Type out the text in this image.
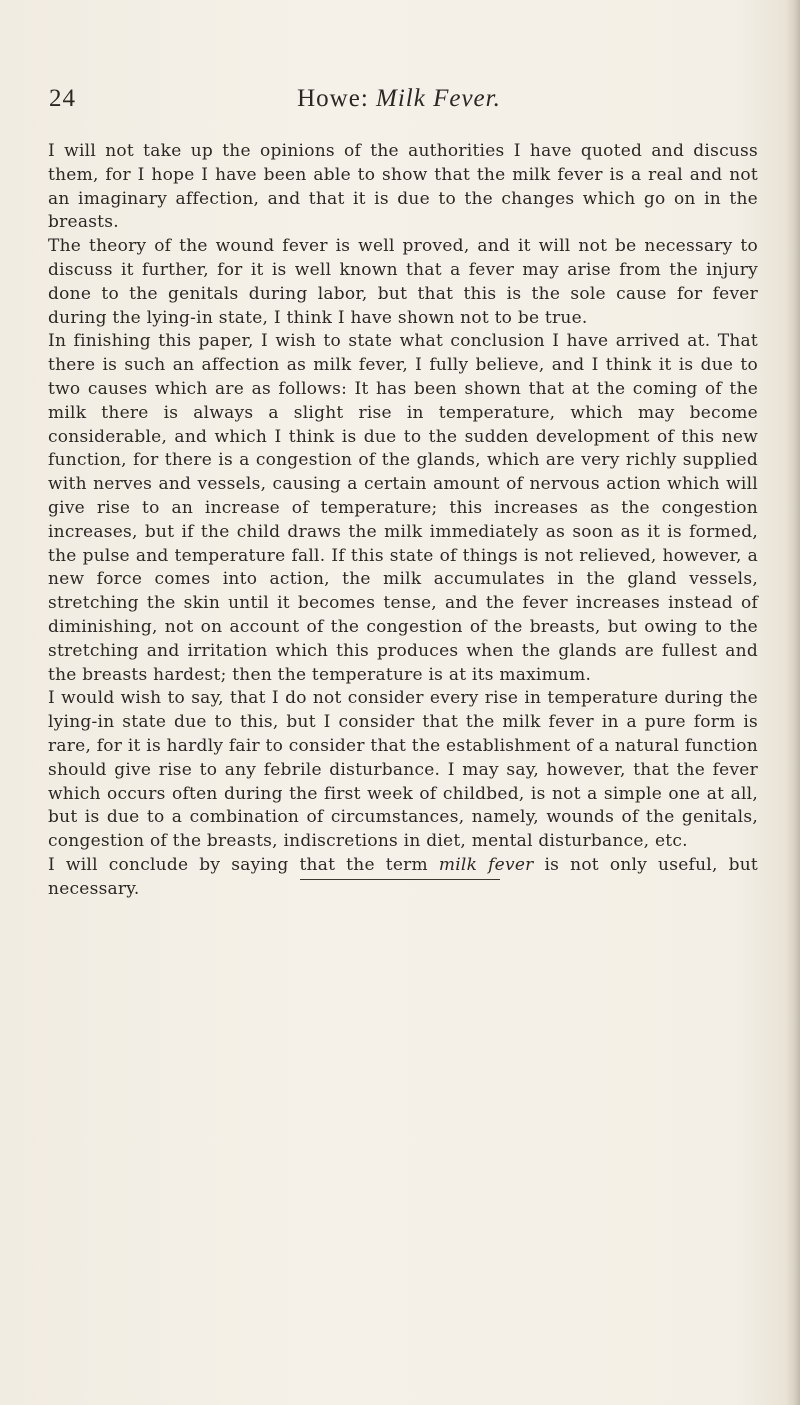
24	Howe: Milk Fever.

I will not take up the opinions of the authorities I have quoted and discuss them, for I hope I have been able to show that the milk fever is a real and not an imaginary affection, and that it is due to the changes which go on in the breasts.

The theory of the wound fever is well proved, and it will not be necessary to discuss it further, for it is well known that a fever may arise from the injury done to the genitals during labor, but that this is the sole cause for fever during the lying-in state, I think I have shown not to be true.

In finishing this paper, I wish to state what conclusion I have arrived at. That there is such an affection as milk fever, I fully believe, and I think it is due to two causes which are as follows: It has been shown that at the coming of the milk there is always a slight rise in temperature, which may become considerable, and which I think is due to the sudden development of this new function, for there is a congestion of the glands, which are very richly supplied with nerves and vessels, causing a certain amount of nervous action which will give rise to an increase of temperature; this increases as the congestion increases, but if the child draws the milk immediately as soon as it is formed, the pulse and temperature fall. If this state of things is not relieved, however, a new force comes into action, the milk accumulates in the gland vessels, stretching the skin until it becomes tense, and the fever increases instead of diminishing, not on account of the congestion of the breasts, but owing to the stretching and irritation which this produces when the glands are fullest and the breasts hardest; then the temperature is at its maximum.

I would wish to say, that I do not consider every rise in temperature during the lying-in state due to this, but I consider that the milk fever in a pure form is rare, for it is hardly fair to consider that the establishment of a natural function should give rise to any febrile disturbance. I may say, however, that the fever which occurs often during the first week of childbed, is not a simple one at all, but is due to a combination of circumstances, namely, wounds of the genitals, congestion of the breasts, indiscretions in diet, mental disturbance, etc.

I will conclude by saying that the term milk fever is not only useful, but necessary.
